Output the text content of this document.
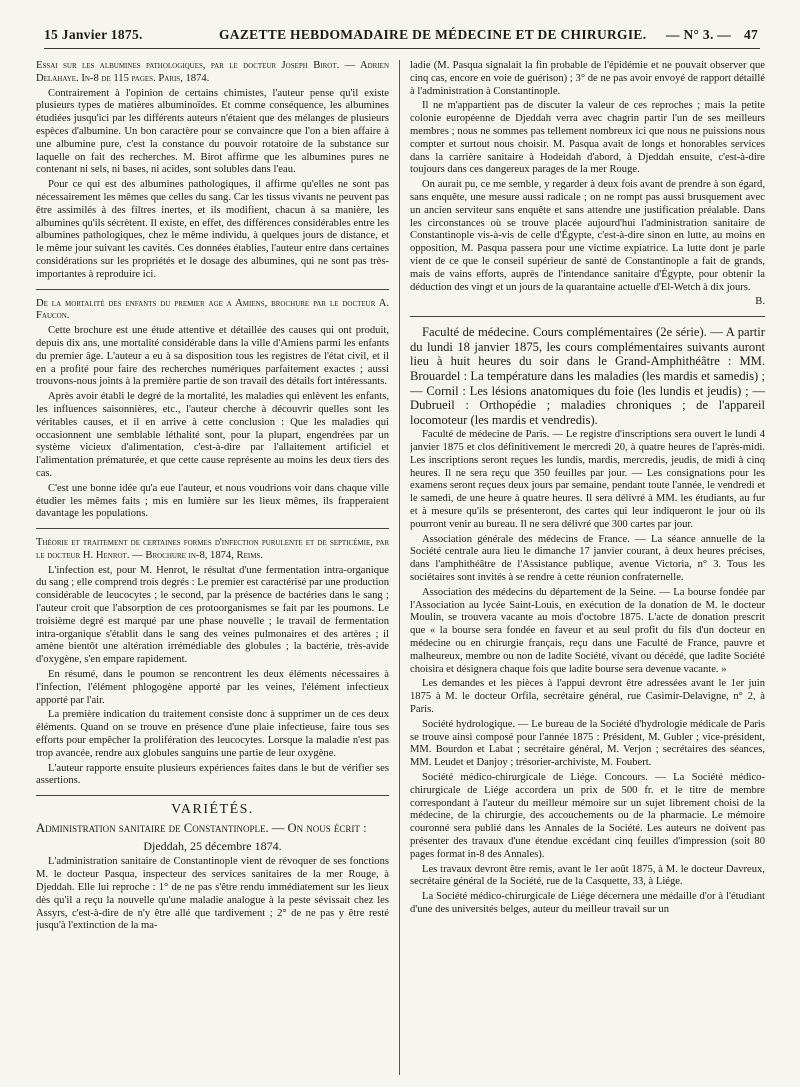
15 Janvier 1875.	GAZETTE HEBDOMADAIRE DE MÉDECINE ET DE CHIRURGIE. — N° 3. — 47

Essai sur les albumines pathologiques, par le docteur Joseph Birot. — Adrien Delahaye. In-8 de 115 pages. Paris, 1874.

Contrairement à l'opinion de certains chimistes, l'auteur pense qu'il existe plusieurs types de matières albuminoïdes. Et comme conséquence, les albumines étudiées jusqu'ici par les différents auteurs n'étaient que des mélanges de plusieurs espèces d'albumine. Un bon caractère pour se convaincre que l'on a bien affaire à une albumine pure, c'est la constance du pouvoir rotatoire de la substance sur laquelle on fait des recherches. M. Birot affirme que les albumines pures ne contenant ni sels, ni bases, ni acides, sont solubles dans l'eau.

Pour ce qui est des albumines pathologiques, il affirme qu'elles ne sont pas nécessairement les mêmes que celles du sang. Car les tissus vivants ne peuvent pas être assimilés à des filtres inertes, et ils modifient, chacun à sa manière, les albumines qu'ils sécrètent. Il existe, en effet, des différences considérables entre les albumines pathologiques, chez le même individu, à quelques jours de distance, et le même jour suivant les cavités. Ces données établies, l'auteur entre dans certaines considérations sur les propriétés et le dosage des albumines, qui ne sont pas très-importantes à reproduire ici.

De la mortalité des enfants du premier age a Amiens, brochure par le docteur A. Faucon.

Cette brochure est une étude attentive et détaillée des causes qui ont produit, depuis dix ans, une mortalité considérable dans la ville d'Amiens parmi les enfants du premier âge. L'auteur a eu à sa disposition tous les registres de l'état civil, et il en a profité pour faire des recherches numériques parfaitement exactes ; aussi trouvons-nous joints à la première partie de son travail des détails fort intéressants.

Après avoir établi le degré de la mortalité, les maladies qui enlèvent les enfants, les influences saisonnières, etc., l'auteur cherche à découvrir quelles sont les véritables causes, et il en arrive à cette conclusion : Que les maladies qui occasionnent une semblable léthalité sont, pour la plupart, engendrées par un système vicieux d'alimentation, c'est-à-dire par l'allaitement artificiel et l'alimentation prématurée, et que cette cause représente au moins les deux tiers des cas.

C'est une bonne idée qu'a eue l'auteur, et nous voudrions voir dans chaque ville étudier les mêmes faits ; mis en lumière sur les lieux mêmes, ils frapperaient davantage les populations.

Théorie et traitement de certaines formes d'infection purulente et de septicémie, par le docteur H. Henrot. — Brochure in-8, 1874, Reims.

L'infection est, pour M. Henrot, le résultat d'une fermentation intra-organique du sang ; elle comprend trois degrés : Le premier est caractérisé par une production considérable de leucocytes ; le second, par la présence de bactéries dans le sang ; l'auteur croit que l'absorption de ces protoorganismes se fait par les poumons. Le troisième degré est marqué par une phase nouvelle ; le travail de fermentation intra-organique s'établit dans le sang des veines pulmonaires et des artères ; il amène bientôt une altération irrémédiable des globules ; la bactérie, très-avide d'oxygène, s'en empare rapidement.

En résumé, dans le poumon se rencontrent les deux éléments nécessaires à l'infection, l'élément phlogogène apporté par les veines, l'élément infectieux apporté par l'air.

La première indication du traitement consiste donc à supprimer un de ces deux éléments. Quand on se trouve en présence d'une plaie infectieuse, faire tous ses efforts pour empêcher la prolifération des leucocytes. Lorsque la maladie n'est pas trop avancée, rendre aux globules sanguins une partie de leur oxygène.

L'auteur rapporte ensuite plusieurs expériences faites dans le but de vérifier ses assertions.

VARIÉTÉS.

Administration sanitaire de Constantinople. — On nous écrit :

Djeddah, 25 décembre 1874.

L'administration sanitaire de Constantinople vient de révoquer de ses fonctions M. le docteur Pasqua, inspecteur des services sanitaires de la mer Rouge, à Djeddah. Elle lui reproche : 1° de ne pas s'être rendu immédiatement sur les lieux dès qu'il a reçu la nouvelle qu'une maladie analogue à la peste sévissait chez les Assyrs, c'est-à-dire de n'y être allé que tardivement ; 2° de ne pas y être resté jusqu'à l'extinction de la ma-

ladie (M. Pasqua signalait la fin probable de l'épidémie et ne pouvait observer que cinq cas, encore en voie de guérison) ; 3° de ne pas avoir envoyé de rapport détaillé à l'administration à Constantinople.

Il ne m'appartient pas de discuter la valeur de ces reproches ; mais la petite colonie européenne de Djeddah verra avec chagrin partir l'un de ses meilleurs membres ; nous ne sommes pas tellement nombreux ici que nous ne puissions nous compter et surtout nous choisir. M. Pasqua avait de longs et honorables services dans la carrière sanitaire à Hodeidah d'abord, à Djeddah ensuite, c'est-à-dire toujours dans ces dangereux parages de la mer Rouge.

On aurait pu, ce me semble, y regarder à deux fois avant de prendre à son égard, sans enquête, une mesure aussi radicale ; on ne rompt pas aussi brusquement avec un ancien serviteur sans enquête et sans attendre une justification préalable. Dans les circonstances où se trouve placée aujourd'hui l'administration sanitaire de Constantinople vis-à-vis de celle d'Égypte, c'est-à-dire sinon en lutte, au moins en opposition, M. Pasqua passera pour une victime expiatrice. La lutte dont je parle vient de ce que le conseil supérieur de santé de Constantinople a fait de grands, mais de vains efforts, auprès de l'intendance sanitaire d'Égypte, pour obtenir la déduction des vingt et un jours de la quarantaine actuelle d'El-Wetch à dix jours.

B.

Faculté de médecine. Cours complémentaires (2e série). — A partir du lundi 18 janvier 1875, les cours complémentaires suivants auront lieu à huit heures du soir dans le Grand-Amphithéâtre : MM. Brouardel : La température dans les maladies (les mardis et samedis) ; — Cornil : Les lésions anatomiques du foie (les lundis et jeudis) ; — Dubrueil : Orthopédie ; maladies chroniques ; de l'appareil locomoteur (les mardis et vendredis).

Faculté de médecine de Paris. — Le registre d'inscriptions sera ouvert le lundi 4 janvier 1875 et clos définitivement le mercredi 20, à quatre heures de l'après-midi. Les inscriptions seront reçues les lundis, mardis, mercredis, jeudis, de midi à cinq heures. Il ne sera reçu que 350 feuilles par jour. — Les consignations pour les examens seront reçues deux jours par semaine, pendant toute l'année, le vendredi et le samedi, de une heure à quatre heures. Il sera délivré à MM. les étudiants, au fur et à mesure qu'ils se présenteront, des cartes qui leur indiqueront le jour où ils pourront venir au bureau. Il ne sera délivré que 300 cartes par jour.

Association générale des médecins de France. — La séance annuelle de la Société centrale aura lieu le dimanche 17 janvier courant, à deux heures précises, dans l'amphithéâtre de l'Assistance publique, avenue Victoria, n° 3. Tous les sociétaires sont invités à se rendre à cette réunion confraternelle.

Association des médecins du département de la Seine. — La bourse fondée par l'Association au lycée Saint-Louis, en exécution de la donation de M. le docteur Moulin, se trouvera vacante au mois d'octobre 1875. L'acte de donation prescrit que « la bourse sera fondée en faveur et au seul profit du fils d'un docteur en médecine ou en chirurgie français, reçu dans une Faculté de France, pauvre et malheureux, membre ou non de ladite Société, vivant ou décédé, que ladite Société choisira et désignera chaque fois que ladite bourse sera devenue vacante. »

Les demandes et les pièces à l'appui devront être adressées avant le 1er juin 1875 à M. le docteur Orfila, secrétaire général, rue Casimir-Delavigne, n° 2, à Paris.

Société hydrologique. — Le bureau de la Société d'hydrologie médicale de Paris se trouve ainsi composé pour l'année 1875 : Président, M. Gubler ; vice-président, MM. Bourdon et Labat ; secrétaire général, M. Verjon ; secrétaires des séances, MM. Leudet et Danjoy ; trésorier-archiviste, M. Foubert.

Société médico-chirurgicale de Liége. Concours. — La Société médico-chirurgicale de Liége accordera un prix de 500 fr. et le titre de membre correspondant à l'auteur du meilleur mémoire sur un sujet librement choisi de la médecine, de la chirurgie, des accouchements ou de la pharmacie. Le mémoire couronné sera publié dans les Annales de la Société. Les auteurs ne doivent pas présenter des travaux d'une étendue excédant cinq feuilles d'impression (soit 80 pages format in-8 des Annales).

Les travaux devront être remis, avant le 1er août 1875, à M. le docteur Davreux, secrétaire général de la Société, rue de la Casquette, 33, à Liége.

La Société médico-chirurgicale de Liége décernera une médaille d'or à l'étudiant d'une des universités belges, auteur du meilleur travail sur un
